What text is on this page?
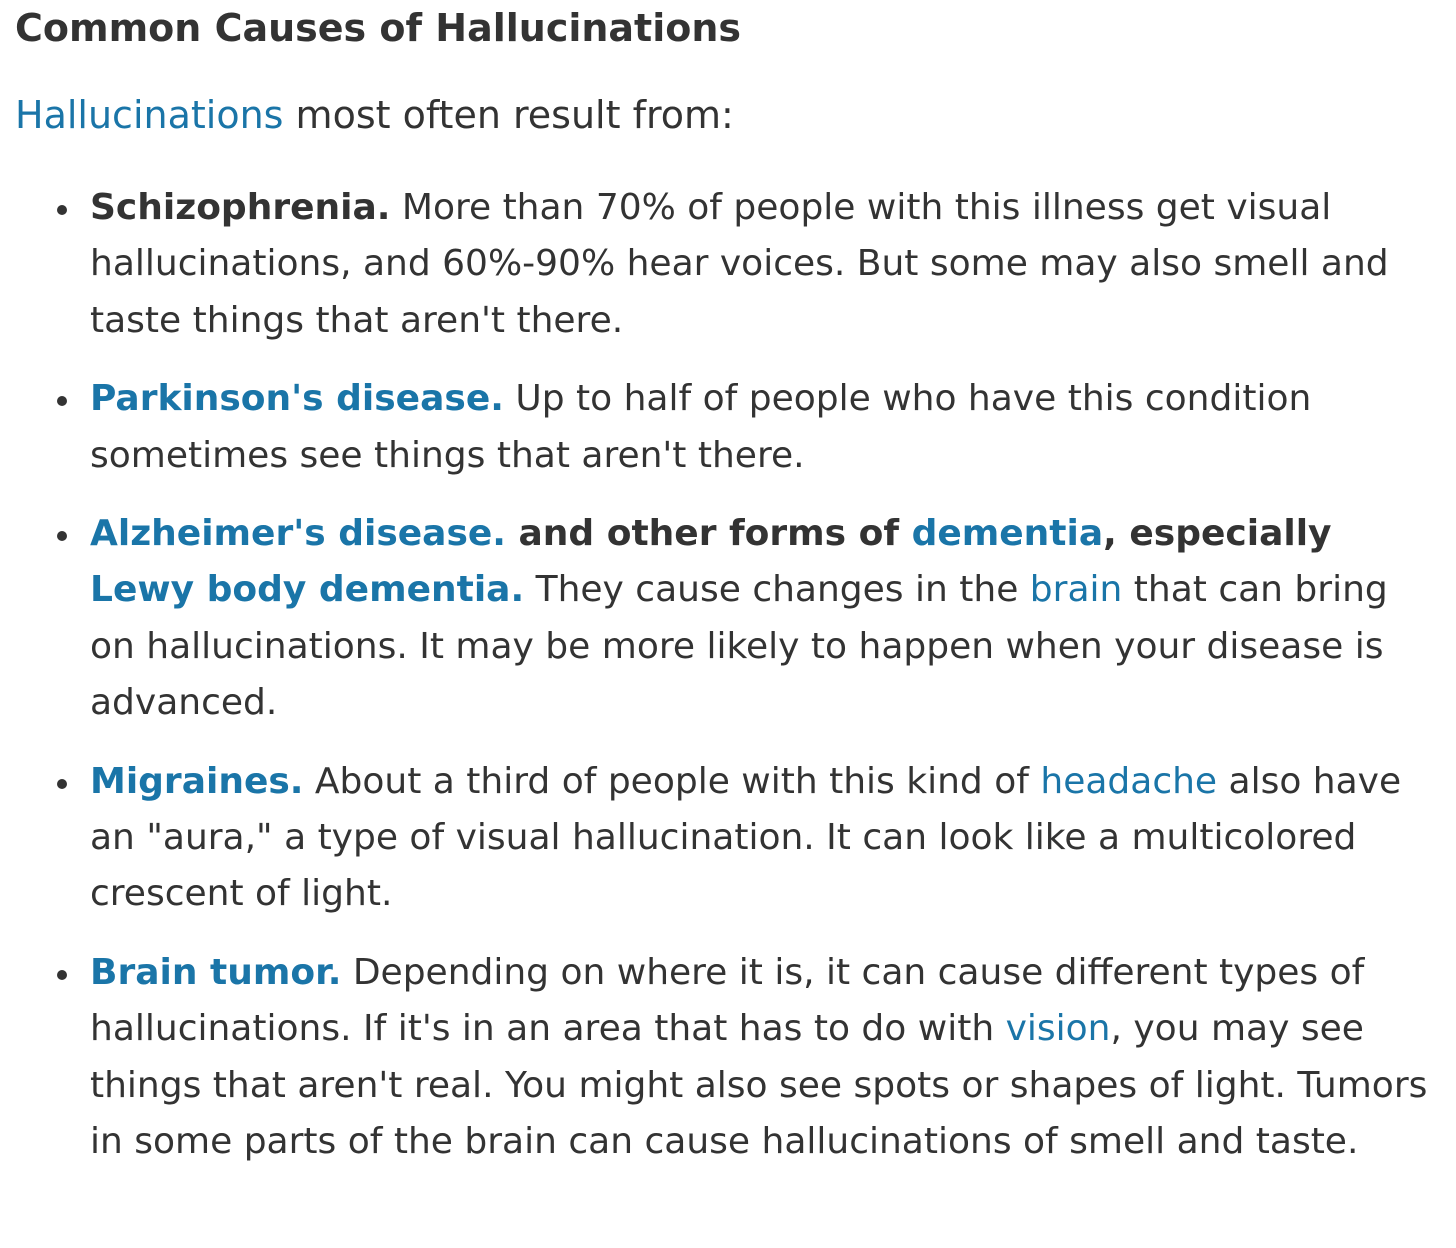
Common Causes of Hallucinations

Hallucinations most often result from:

Schizophrenia. More than 70% of people with this illness get visual hallucinations, and 60%-90% hear voices. But some may also smell and taste things that aren't there.
Parkinson's disease. Up to half of people who have this condition sometimes see things that aren't there.
Alzheimer's disease. and other forms of dementia, especially Lewy body dementia. They cause changes in the brain that can bring on hallucinations. It may be more likely to happen when your disease is advanced.
Migraines. About a third of people with this kind of headache also have an "aura," a type of visual hallucination. It can look like a multicolored crescent of light.
Brain tumor. Depending on where it is, it can cause different types of hallucinations. If it's in an area that has to do with vision, you may see things that aren't real. You might also see spots or shapes of light. Tumors in some parts of the brain can cause hallucinations of smell and taste.
